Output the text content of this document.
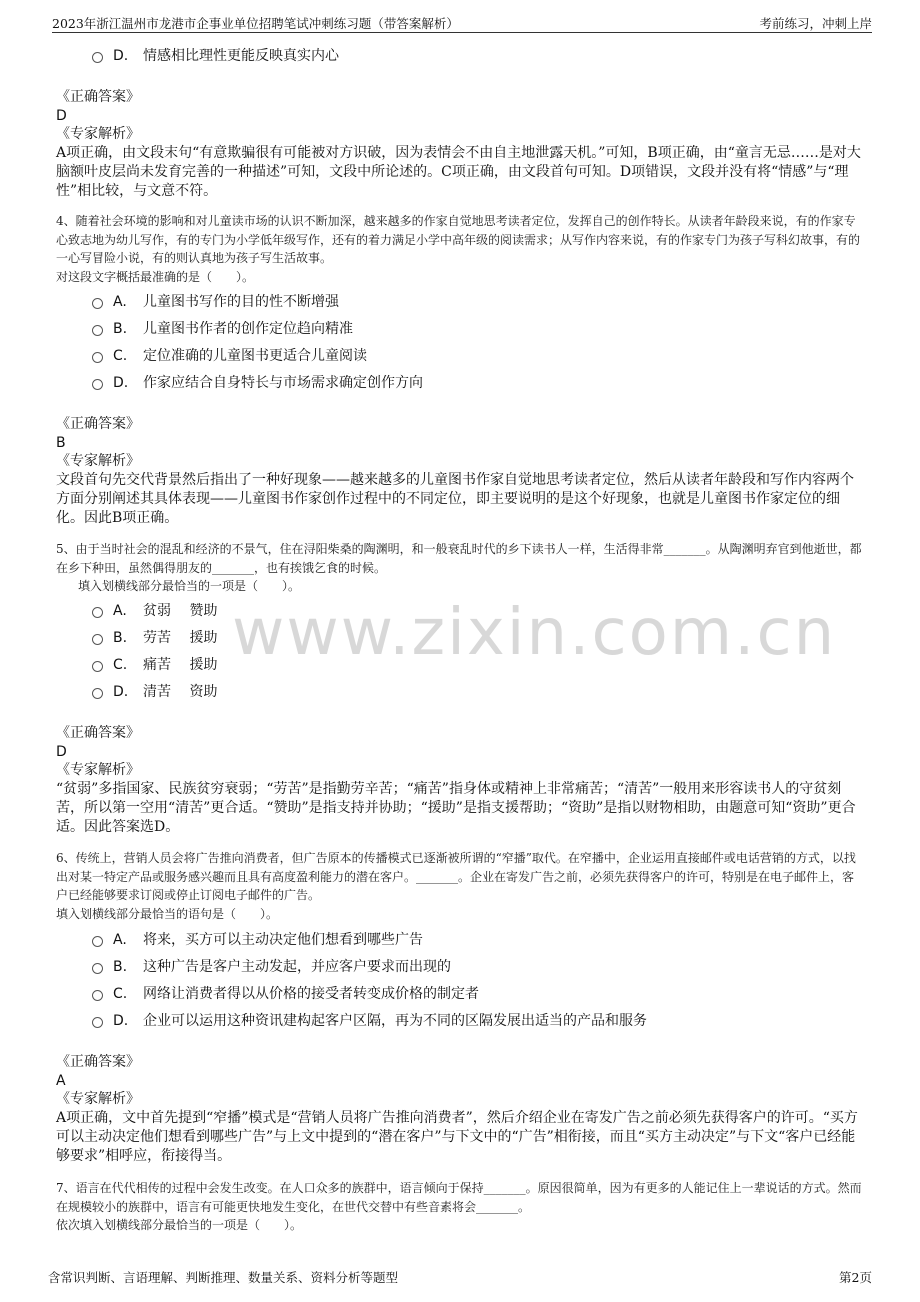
2023年浙江温州市龙港市企事业单位招聘笔试冲刺练习题（带答案解析）	考前练习，冲刺上岸
www.zixin.com.cn
D. 情感相比理性更能反映真实内心
《正确答案》
D
《专家解析》
A项正确，由文段末句“有意欺骗很有可能被对方识破，因为表情会不由自主地泄露天机。”可知，B项正确，由“童言无忌……是对大脑额叶皮层尚未发育完善的一种描述”可知，文段中所论述的。C项正确，由文段首句可知。D项错误，文段并没有将“情感”与“理性”相比较，与文意不符。
4、随着社会环境的影响和对儿童读市场的认识不断加深，越来越多的作家自觉地思考读者定位，发挥自己的创作特长。从读者年龄段来说，有的作家专心致志地为幼儿写作，有的专门为小学低年级写作，还有的着力满足小学中高年级的阅读需求；从写作内容来说，有的作家专门为孩子写科幻故事，有的一心写冒险小说，有的则认真地为孩子写生活故事。
对这段文字概括最准确的是（　　）。
A. 儿童图书写作的目的性不断增强
B. 儿童图书作者的创作定位趋向精准
C. 定位准确的儿童图书更适合儿童阅读
D. 作家应结合自身特长与市场需求确定创作方向
《正确答案》
B
《专家解析》
文段首句先交代背景然后指出了一种好现象——越来越多的儿童图书作家自觉地思考读者定位，然后从读者年龄段和写作内容两个方面分别阐述其具体表现——儿童图书作家创作过程中的不同定位，即主要说明的是这个好现象，也就是儿童图书作家定位的细化。因此B项正确。
5、由于当时社会的混乱和经济的不景气，住在浔阳柴桑的陶渊明，和一般衰乱时代的乡下读书人一样，生活得非常_______。从陶渊明弃官到他逝世，都在乡下种田，虽然偶得朋友的_______，也有挨饿乞食的时候。
填入划横线部分最恰当的一项是（　　）。
A. 贫弱　 赞助
B. 劳苦　 援助
C. 痛苦　 援助
D. 清苦　 资助
《正确答案》
D
《专家解析》
“贫弱”多指国家、民族贫穷衰弱；“劳苦”是指勤劳辛苦；“痛苦”指身体或精神上非常痛苦；“清苦”一般用来形容读书人的守贫刻苦，所以第一空用“清苦”更合适。“赞助”是指支持并协助；“援助”是指支援帮助；“资助”是指以财物相助，由题意可知“资助”更合适。因此答案选D。
6、传统上，营销人员会将广告推向消费者，但广告原本的传播模式已逐渐被所谓的“窄播”取代。在窄播中，企业运用直接邮件或电话营销的方式，以找出对某一特定产品或服务感兴趣而且具有高度盈利能力的潜在客户。_______。企业在寄发广告之前，必须先获得客户的许可，特别是在电子邮件上，客户已经能够要求订阅或停止订阅电子邮件的广告。
填入划横线部分最恰当的语句是（　　）。
A. 将来，买方可以主动决定他们想看到哪些广告
B. 这种广告是客户主动发起，并应客户要求而出现的
C. 网络让消费者得以从价格的接受者转变成价格的制定者
D. 企业可以运用这种资讯建构起客户区隔，再为不同的区隔发展出适当的产品和服务
《正确答案》
A
《专家解析》
A项正确，文中首先提到“窄播”模式是“营销人员将广告推向消费者”，然后介绍企业在寄发广告之前必须先获得客户的许可。“买方可以主动决定他们想看到哪些广告”与上文中提到的“潜在客户”与下文中的“广告”相衔接，而且“买方主动决定”与下文“客户已经能够要求”相呼应，衔接得当。
7、语言在代代相传的过程中会发生改变。在人口众多的族群中，语言倾向于保持_______。原因很简单，因为有更多的人能记住上一辈说话的方式。然而在规模较小的族群中，语言有可能更快地发生变化，在世代交替中有些音素将会_______。
依次填入划横线部分最恰当的一项是（　　）。
含常识判断、言语理解、判断推理、数量关系、资料分析等题型	第2页
